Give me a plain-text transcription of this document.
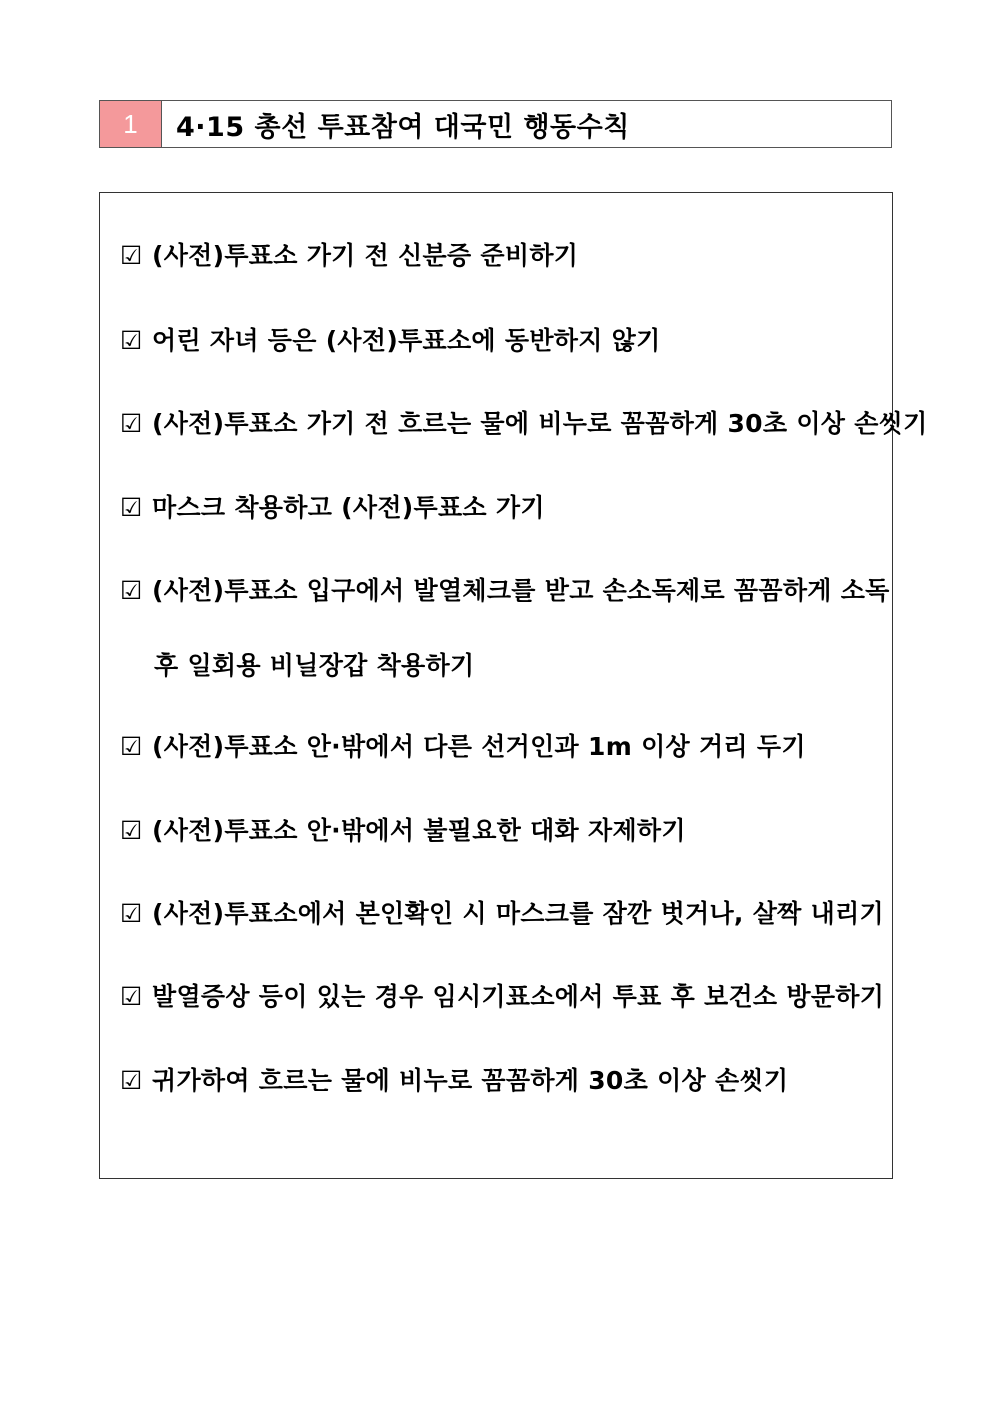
1	4·15 총선 투표참여 대국민 행동수칙
☑ (사전)투표소 가기 전 신분증 준비하기
☑ 어린 자녀 등은 (사전)투표소에 동반하지 않기
☑ (사전)투표소 가기 전 흐르는 물에 비누로 꼼꼼하게 30초 이상 손씻기
☑ 마스크 착용하고 (사전)투표소 가기
☑ (사전)투표소 입구에서 발열체크를 받고 손소독제로 꼼꼼하게 소독
후 일회용 비닐장갑 착용하기
☑ (사전)투표소 안·밖에서 다른 선거인과 1m 이상 거리 두기
☑ (사전)투표소 안·밖에서 불필요한 대화 자제하기
☑ (사전)투표소에서 본인확인 시 마스크를 잠깐 벗거나, 살짝 내리기
☑ 발열증상 등이 있는 경우 임시기표소에서 투표 후 보건소 방문하기
☑ 귀가하여 흐르는 물에 비누로 꼼꼼하게 30초 이상 손씻기
